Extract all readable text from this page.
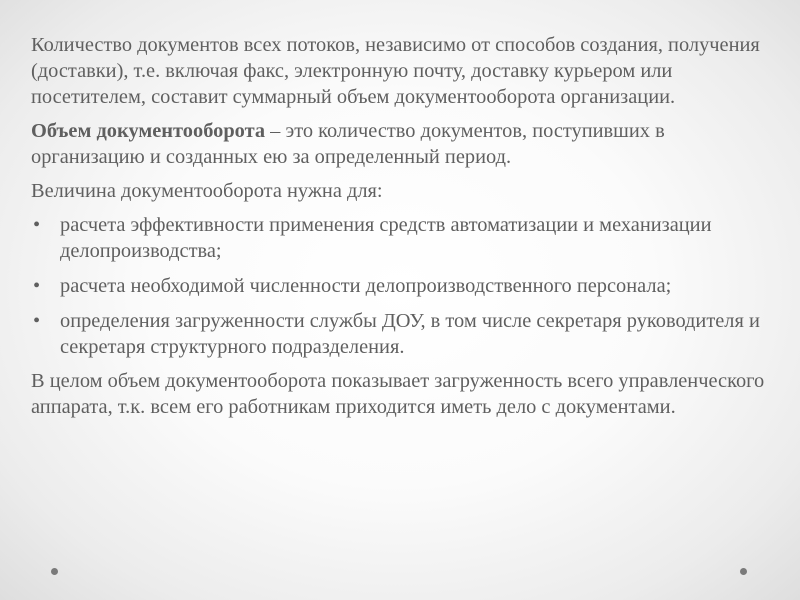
Количество документов всех потоков, независимо от способов создания, получения (доставки), т.е. включая факс, электронную почту, доставку курьером или посетителем, составит суммарный объем документооборота организации.

Объем документооборота – это количество документов, поступивших в организацию и созданных ею за определенный период.

Величина документооборота нужна для:

• расчета эффективности применения средств автоматизации и механизации делопроизводства;
• расчета необходимой численности делопроизводственного персонала;
• определения загруженности службы ДОУ, в том числе секретаря руководителя и секретаря структурного подразделения.

В целом объем документооборота показывает загруженность всего управленческого аппарата, т.к. всем его работникам приходится иметь дело с документами.
